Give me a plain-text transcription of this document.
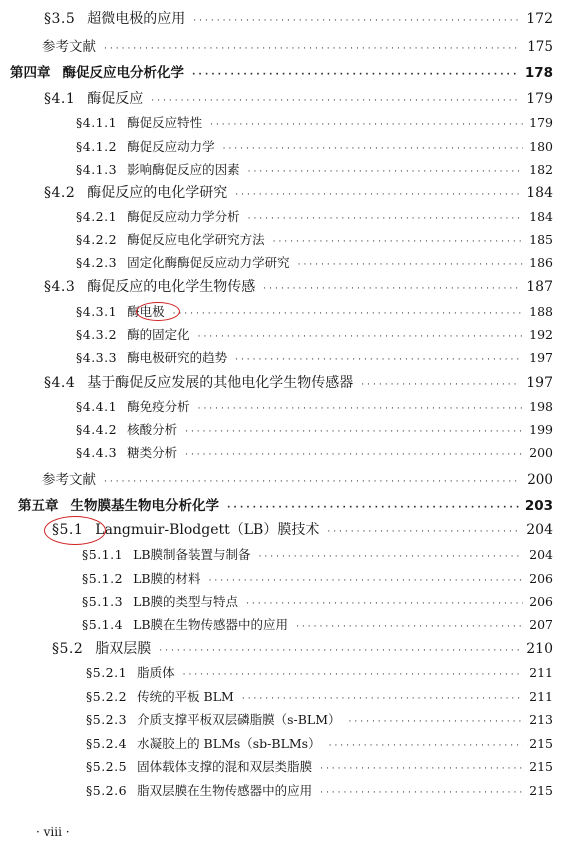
§3.5 超微电极的应用 ·····	172
参考文献 ·····	175
第四章 酶促反应电分析化学 ·····	178
§4.1 酶促反应 ·····	179
§4.1.1 酶促反应特性 ·····	179
§4.1.2 酶促反应动力学 ·····	180
§4.1.3 影响酶促反应的因素 ·····	182
§4.2 酶促反应的电化学研究 ·····	184
§4.2.1 酶促反应动力学分析 ·····	184
§4.2.2 酶促反应电化学研究方法 ·····	185
§4.2.3 固定化酶酶促反应动力学研究 ·····	186
§4.3 酶促反应的电化学生物传感 ·····	187
§4.3.1 酶电极 ·····	188
§4.3.2 酶的固定化 ·····	192
§4.3.3 酶电极研究的趋势 ·····	197
§4.4 基于酶促反应发展的其他电化学生物传感器 ·····	197
§4.4.1 酶免疫分析 ·····	198
§4.4.2 核酸分析 ·····	199
§4.4.3 糖类分析 ·····	200
参考文献 ·····	200
第五章 生物膜基生物电分析化学 ·····	203
§5.1 Langmuir-Blodgett（LB）膜技术 ·····	204
§5.1.1 LB膜制备装置与制备 ·····	204
§5.1.2 LB膜的材料 ·····	206
§5.1.3 LB膜的类型与特点 ·····	206
§5.1.4 LB膜在生物传感器中的应用 ·····	207
§5.2 脂双层膜 ·····	210
§5.2.1 脂质体 ·····	211
§5.2.2 传统的平板 BLM ·····	211
§5.2.3 介质支撑平板双层磷脂膜（s-BLM） ·····	213
§5.2.4 水凝胶上的 BLMs（sb-BLMs） ·····	215
§5.2.5 固体载体支撑的混和双层类脂膜 ·····	215
§5.2.6 脂双层膜在生物传感器中的应用 ·····	215
· viii ·
